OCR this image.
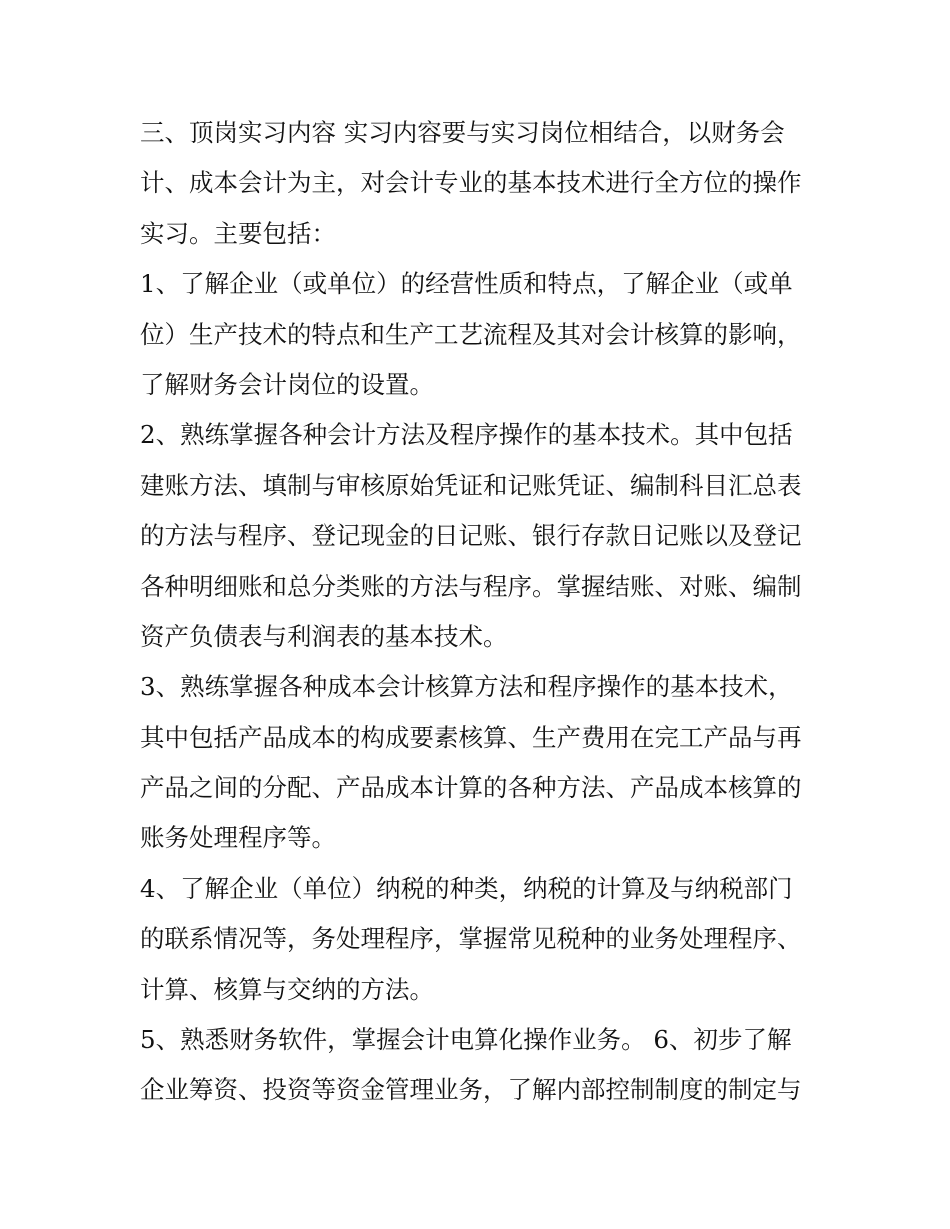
三、顶岗实习内容 实习内容要与实习岗位相结合，以财务会
计、成本会计为主，对会计专业的基本技术进行全方位的操作
实习。主要包括：
1、了解企业（或单位）的经营性质和特点，了解企业（或单
位）生产技术的特点和生产工艺流程及其对会计核算的影响，
了解财务会计岗位的设置。
2、熟练掌握各种会计方法及程序操作的基本技术。其中包括
建账方法、填制与审核原始凭证和记账凭证、编制科目汇总表
的方法与程序、登记现金的日记账、银行存款日记账以及登记
各种明细账和总分类账的方法与程序。掌握结账、对账、编制
资产负债表与利润表的基本技术。
3、熟练掌握各种成本会计核算方法和程序操作的基本技术，
其中包括产品成本的构成要素核算、生产费用在完工产品与再
产品之间的分配、产品成本计算的各种方法、产品成本核算的
账务处理程序等。
4、了解企业（单位）纳税的种类，纳税的计算及与纳税部门
的联系情况等，务处理程序，掌握常见税种的业务处理程序、
计算、核算与交纳的方法。
5、熟悉财务软件，掌握会计电算化操作业务。 6、初步了解
企业筹资、投资等资金管理业务，了解内部控制制度的制定与
